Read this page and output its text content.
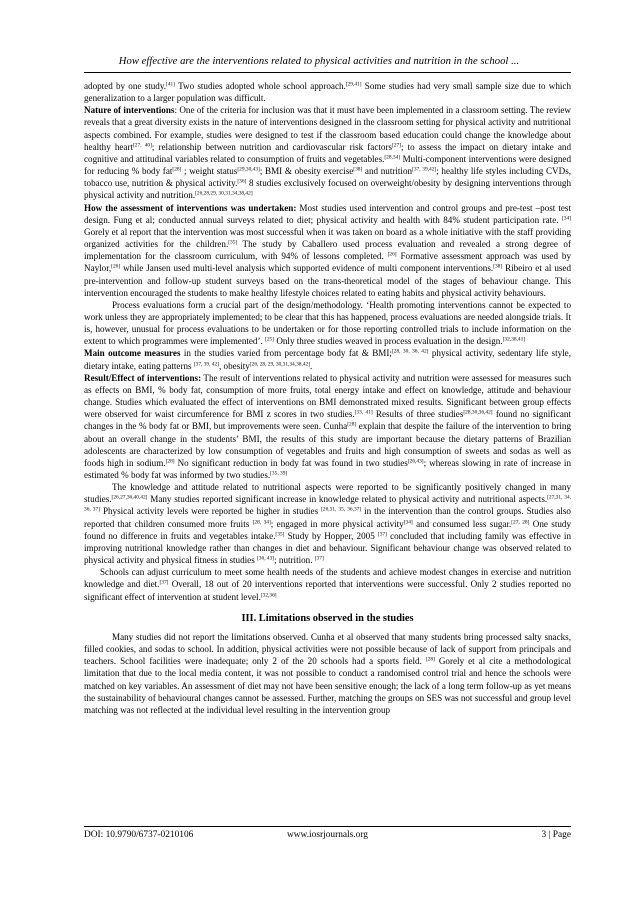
How effective are the interventions related to physical activities and nutrition in the school ...

adopted by one study.[41] Two studies adopted whole school approach.[29,41] Some studies had very small sample size due to which generalization to a larger population was difficult.

Nature of interventions: One of the criteria for inclusion was that it must have been implemented in a classroom setting. The review reveals that a great diversity exists in the nature of interventions designed in the classroom setting for physical activity and nutritional aspects combined. For example, studies were designed to test if the classroom based education could change the knowledge about healthy heart[27, 40]; relationship between nutrition and cardiovascular risk factors[27]; to assess the impact on dietary intake and cognitive and attitudinal variables related to consumption of fruits and vegetables.[28,34] Multi-component interventions were designed for reducing % body fat[28] ; weight status[29,30,43]; BMI & obesity exercise[38] and nutrition[37, 39,42]; healthy life styles including CVDs, tobacco use, nutrition & physical activity.[36] 8 studies exclusively focused on overweight/obesity by designing interventions through physical activity and nutrition.[26,28,29, 30,31,34,38,42]

How the assessment of interventions was undertaken: Most studies used intervention and control groups and pre-test –post test design. Fung et al; conducted annual surveys related to diet; physical activity and health with 84% student participation rate. [34] Gorely et al report that the intervention was most successful when it was taken on board as a whole initiative with the staff providing organized activities for the children.[35] The study by Caballero used process evaluation and revealed a strong degree of implementation for the classroom curriculum, with 94% of lessons completed. [26] Formative assessment approach was used by Naylor,[26] while Jansen used multi-level analysis which supported evidence of multi component interventions.[38] Ribeiro et al used pre-intervention and follow-up student surveys based on the trans-theoretical model of the stages of behaviour change. This intervention encouraged the students to make healthy lifestyle choices related to eating habits and physical activity behaviours.

Process evaluations form a crucial part of the design/methodology. ‘Health promoting interventions cannot be expected to work unless they are appropriately implemented; to be clear that this has happened, process evaluations are needed alongside trials. It is, however, unusual for process evaluations to be undertaken or for those reporting controlled trials to include information on the extent to which programmes were implemented’. [25] Only three studies weaved in process evaluation in the design.[32,38,41]

Main outcome measures in the studies varied from percentage body fat & BMI;[28, 30, 36, 42] physical activity, sedentary life style, dietary intake, eating patterns [37, 39, 42], obesity[26, 28, 29, 30,31,34,38,42].

Result/Effect of interventions: The result of interventions related to physical activity and nutrition were assessed for measures such as effects on BMI, % body fat, consumption of more fruits, total energy intake and effect on knowledge, attitude and behaviour change. Studies which evaluated the effect of interventions on BMI demonstrated mixed results. Significant between group effects were observed for waist circumference for BMI z scores in two studies.[33, 41] Results of three studies[28,30,36,42] found no significant changes in the % body fat or BMI, but improvements were seen. Cunha[28] explain that despite the failure of the intervention to bring about an overall change in the students’ BMI, the results of this study are important because the dietary patterns of Brazilian adolescents are characterized by low consumption of vegetables and fruits and high consumption of sweets and sodas as well as foods high in sodium.[28] No significant reduction in body fat was found in two studies[26,43]; whereas slowing in rate of increase in estimated % body fat was informed by two studies.[35, 39]

The knowledge and attitude related to nutritional aspects were reported to be significantly positively changed in many studies.[26,27,36,40,42] Many studies reported significant increase in knowledge related to physical activity and nutritional aspects.[27,31, 34, 36, 37] Physical activity levels were reported be higher in studies [26,31, 35, 36,37] in the intervention than the control groups. Studies also reported that children consumed more fruits [28, 34]; engaged in more physical activity[34] and consumed less sugar.[27, 28] One study found no difference in fruits and vegetables intake.[35] Study by Hopper, 2005 [37] concluded that including family was effective in improving nutritional knowledge rather than changes in diet and behaviour. Significant behaviour change was observed related to physical activity and physical fitness in studies [36, 43]; nutrition. [37]

Schools can adjust curriculum to meet some health needs of the students and achieve modest changes in exercise and nutrition knowledge and diet.[37] Overall, 18 out of 20 interventions reported that interventions were successful. Only 2 studies reported no significant effect of intervention at student level.[32,36]

III. Limitations observed in the studies

Many studies did not report the limitations observed. Cunha et al observed that many students bring processed salty snacks, filled cookies, and sodas to school. In addition, physical activities were not possible because of lack of support from principals and teachers. School facilities were inadequate; only 2 of the 20 schools had a sports field. [28] Gorely et al cite a methodological limitation that due to the local media content, it was not possible to conduct a randomised control trial and hence the schools were matched on key variables. An assessment of diet may not have been sensitive enough; the lack of a long term follow-up as yet means the sustainability of behavioural changes cannot be assessed. Further, matching the groups on SES was not successful and group level matching was not reflected at the individual level resulting in the intervention group

DOI: 10.9790/6737-0210106	www.iosrjournals.org	3 | Page
